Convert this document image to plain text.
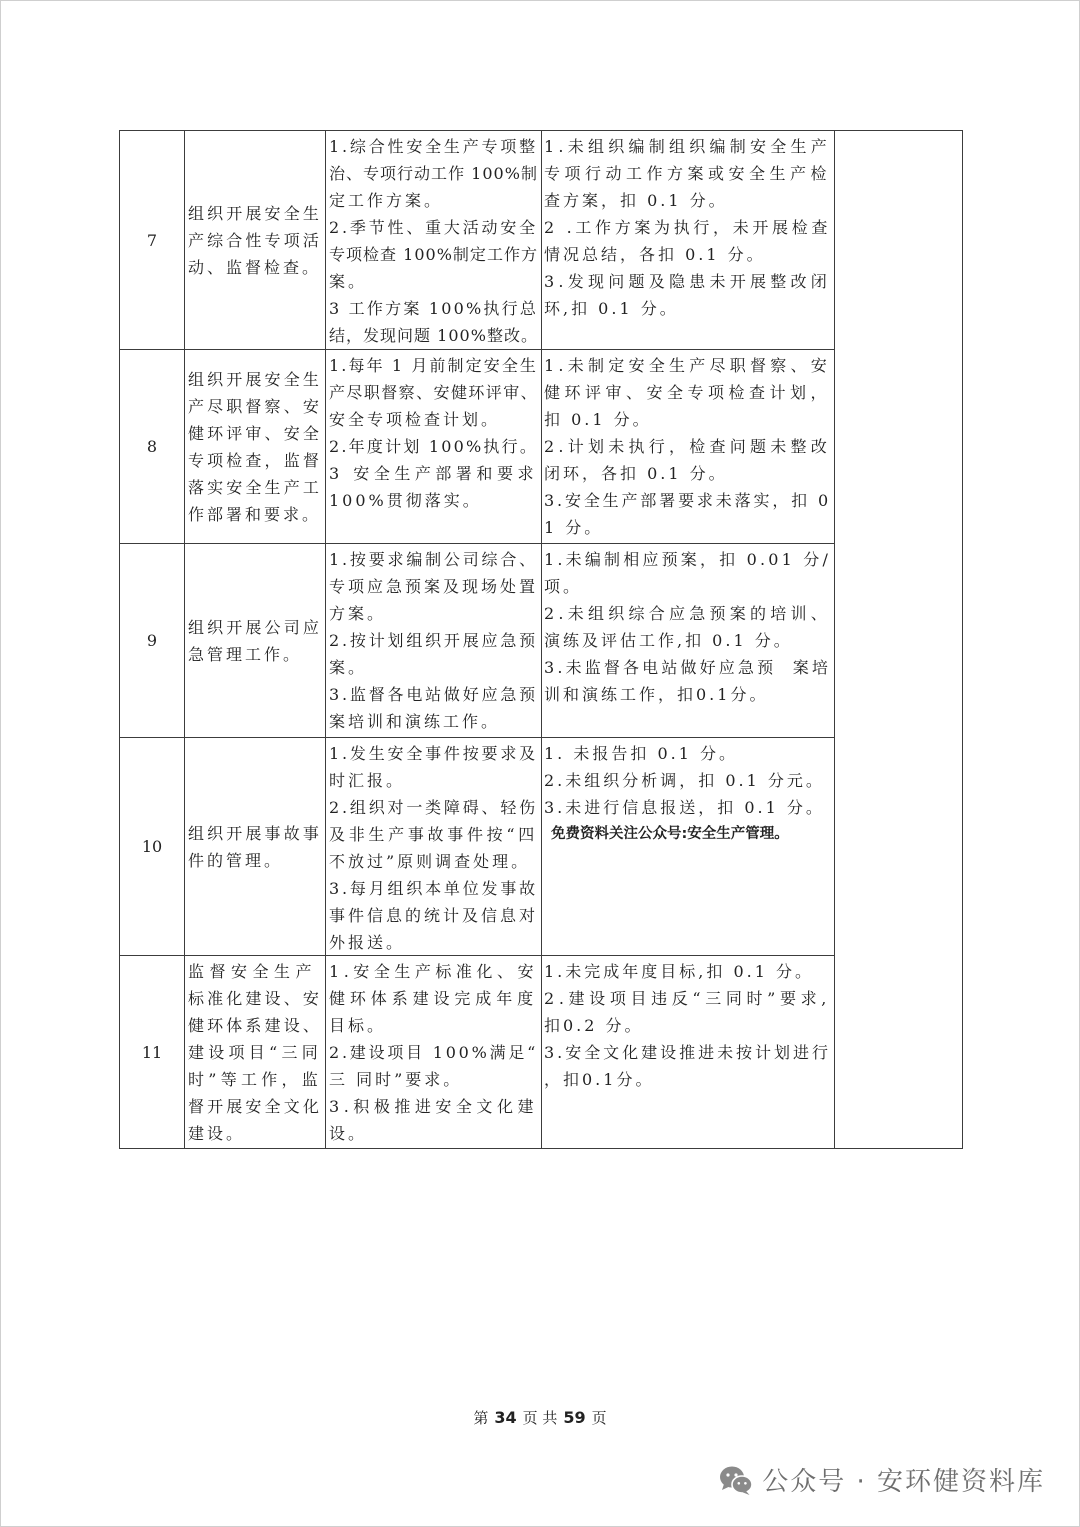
7
组织开展安全生
产综合性专项活
动、监督检查。
1.综合性安全生产专项整
治、专项行动工作 100%制
定工作方案。
2.季节性、重大活动安全
专项检查 100%制定工作方
案。
3 工作方案 100%执行总
结，发现问题 100%整改。
1.未组织编制组织编制安全生产
专项行动工作方案或安全生产检
查方案，扣 0.1 分。
2 .工作方案为执行，未开展检查
情况总结，各扣 0.1 分。
3.发现问题及隐患未开展整改闭
环,扣 0.1 分。
8
组织开展安全生
产尽职督察、安
健环评审、安全
专项检查，监督
落实安全生产工
作部署和要求。
1.每年 1 月前制定安全生
产尽职督察、安健环评审、
安全专项检查计划。
2.年度计划 100%执行。
3 安全生产部署和要求
100%贯彻落实。
1.未制定安全生产尽职督察、安
健环评审、安全专项检查计划，
扣 0.1 分。
2.计划未执行，检查问题未整改
闭环，各扣 0.1 分。
3.安全生产部署要求未落实，扣 0
1 分。
9
组织开展公司应
急管理工作。
1.按要求编制公司综合、
专项应急预案及现场处置
方案。
2.按计划组织开展应急预
案。
3.监督各电站做好应急预
案培训和演练工作。
1.未编制相应预案，扣 0.01 分/
项。
2.未组织综合应急预案的培训、
演练及评估工作,扣 0.1 分。
3.未监督各电站做好应急预  案培
训和演练工作，扣0.1分。
10
组织开展事故事
件的管理。
1.发生安全事件按要求及
时汇报。
2.组织对一类障碍、轻伤
及非生产事故事件按“四
不放过”原则调查处理。
3.每月组织本单位发事故
事件信息的统计及信息对
外报送。
1. 未报告扣 0.1 分。
2.未组织分析调，扣 0.1 分元。
3.未进行信息报送，扣 0.1 分。
免费资料关注公众号:安全生产管理。
11
监督安全生产
标准化建设、安
健环体系建设、
建设项目“三同
时”等工作，监
督开展安全文化
建设。
1.安全生产标准化、安
健环体系建设完成年度
目标。
2.建设项目 100%满足“
三 同时”要求。
3.积极推进安全文化建
设。
1.未完成年度目标,扣 0.1 分。
2.建设项目违反“三同时”要求,
扣0.2 分。
3.安全文化建设推进未按计划进行
，扣0.1分。
第 34 页 共 59 页
公众号 · 安环健资料库
